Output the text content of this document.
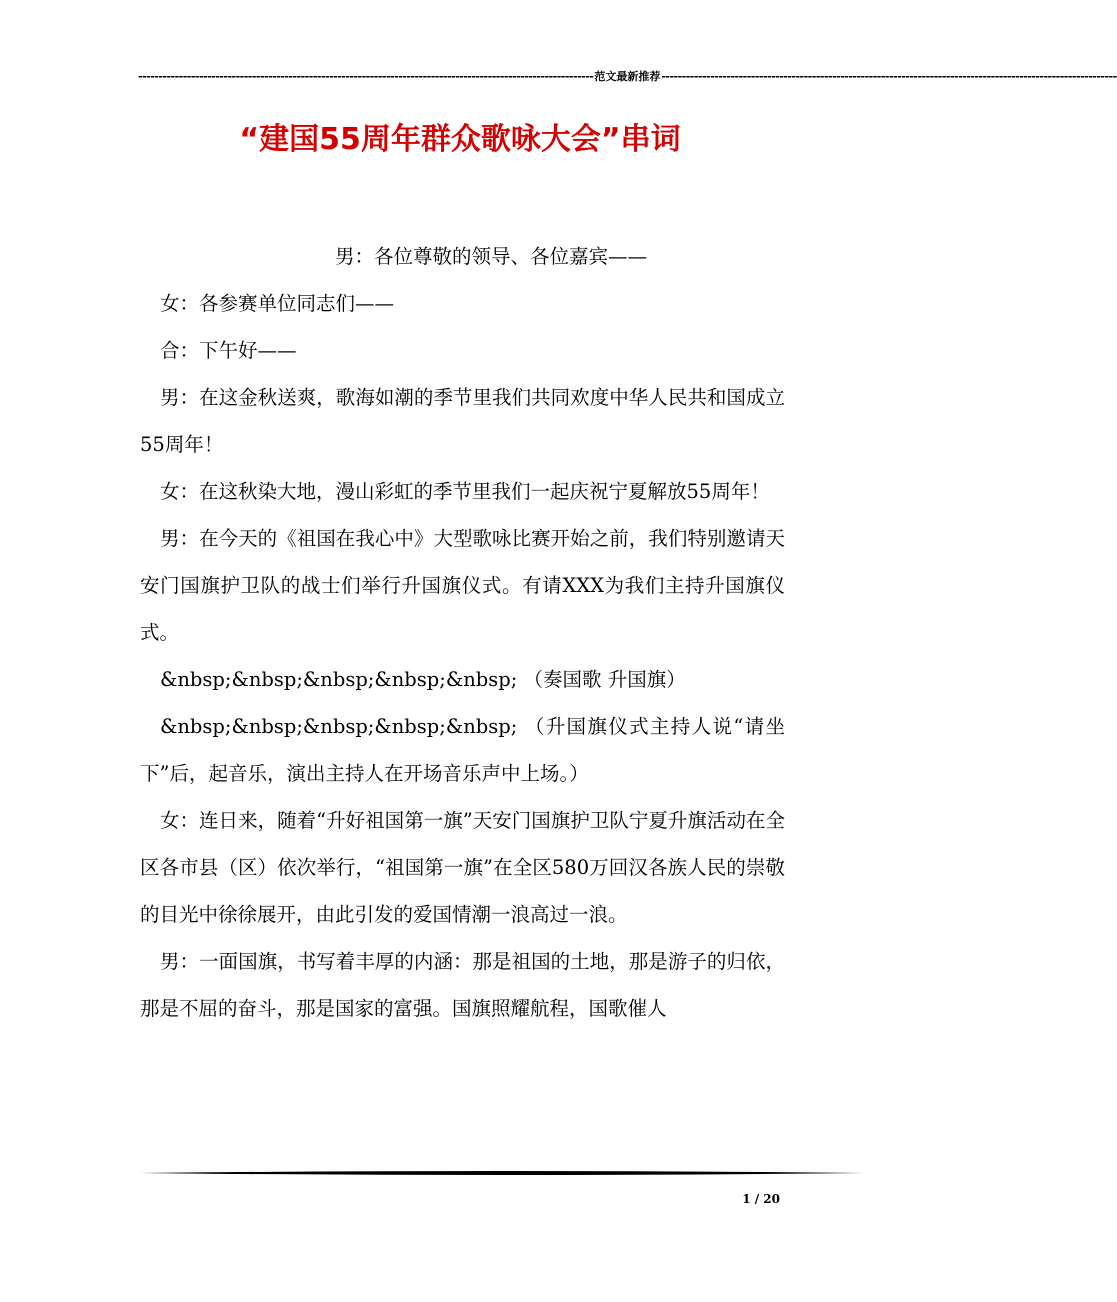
---------------------------------------------------------------------------------------------------------------- 范文最新推荐 ----------------------------------------------------------------------------------------------------------------
“建国55周年群众歌咏大会”串词

男：各位尊敬的领导、各位嘉宾——

女：各参赛单位同志们——

合：下午好——

男：在这金秋送爽，歌海如潮的季节里我们共同欢度中华人民共和国成立55周年！

女：在这秋染大地，漫山彩虹的季节里我们一起庆祝宁夏解放55周年！

男：在今天的《祖国在我心中》大型歌咏比赛开始之前，我们特别邀请天安门国旗护卫队的战士们举行升国旗仪式。有请XXX为我们主持升国旗仪式。

&nbsp;&nbsp;&nbsp;&nbsp;&nbsp; （奏国歌 升国旗）

&nbsp;&nbsp;&nbsp;&nbsp;&nbsp; （升国旗仪式主持人说“请坐下”后，起音乐，演出主持人在开场音乐声中上场。）

女：连日来，随着“升好祖国第一旗”天安门国旗护卫队宁夏升旗活动在全区各市县（区）依次举行，“祖国第一旗”在全区580万回汉各族人民的崇敬的目光中徐徐展开，由此引发的爱国情潮一浪高过一浪。

男：一面国旗，书写着丰厚的内涵：那是祖国的土地，那是游子的归依，那是不屈的奋斗，那是国家的富强。国旗照耀航程，国歌催人

1 / 20
